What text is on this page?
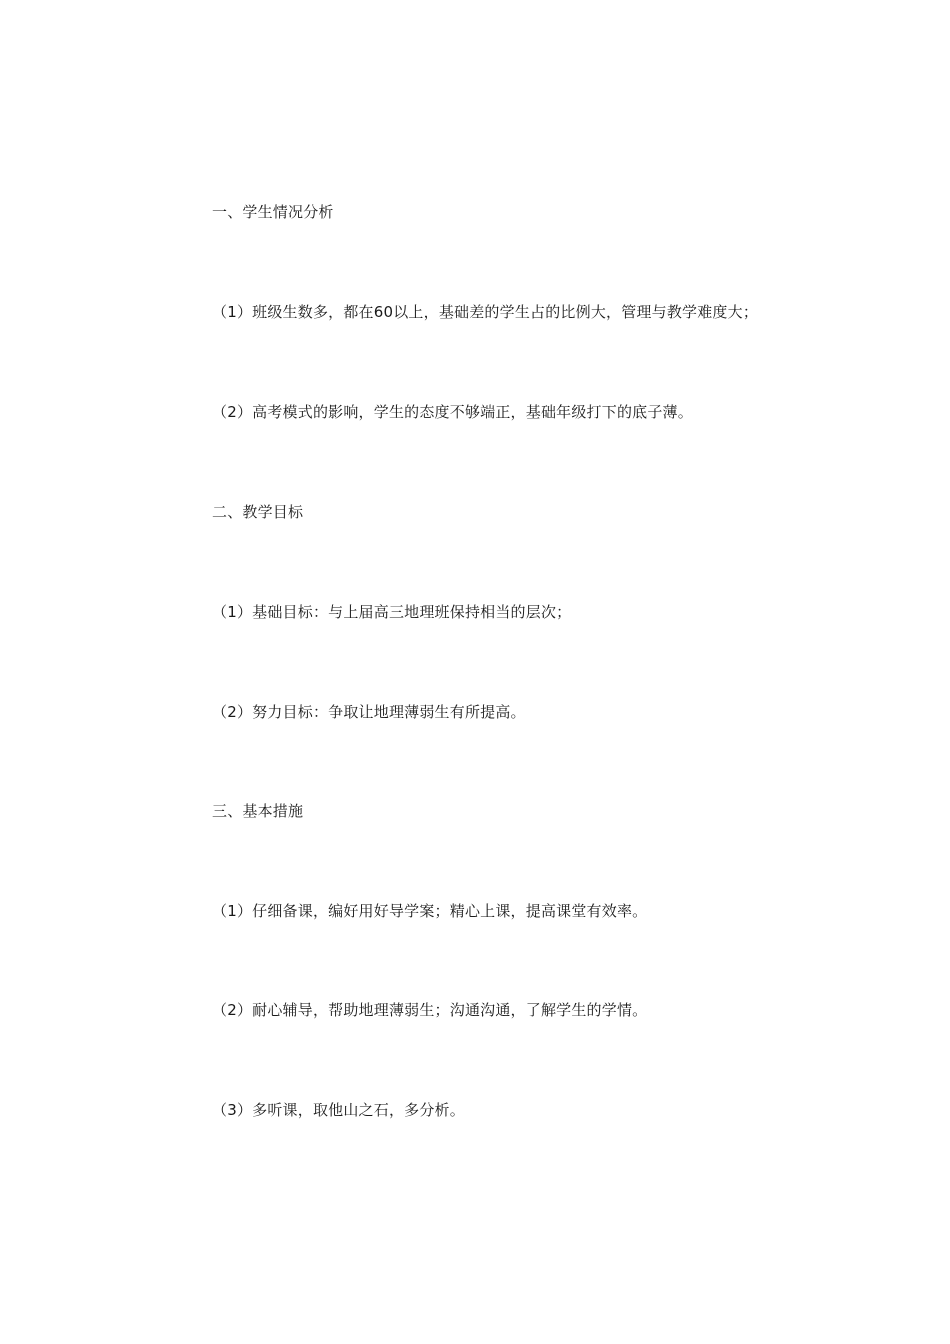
一、学生情况分析
（1）班级生数多，都在60以上，基础差的学生占的比例大，管理与教学难度大；
（2）高考模式的影响，学生的态度不够端正，基础年级打下的底子薄。
二、教学目标
（1）基础目标：与上届高三地理班保持相当的层次；
（2）努力目标：争取让地理薄弱生有所提高。
三、基本措施
（1）仔细备课，编好用好导学案；精心上课，提高课堂有效率。
（2）耐心辅导，帮助地理薄弱生；沟通沟通，了解学生的学情。
（3）多听课，取他山之石，多分析。
